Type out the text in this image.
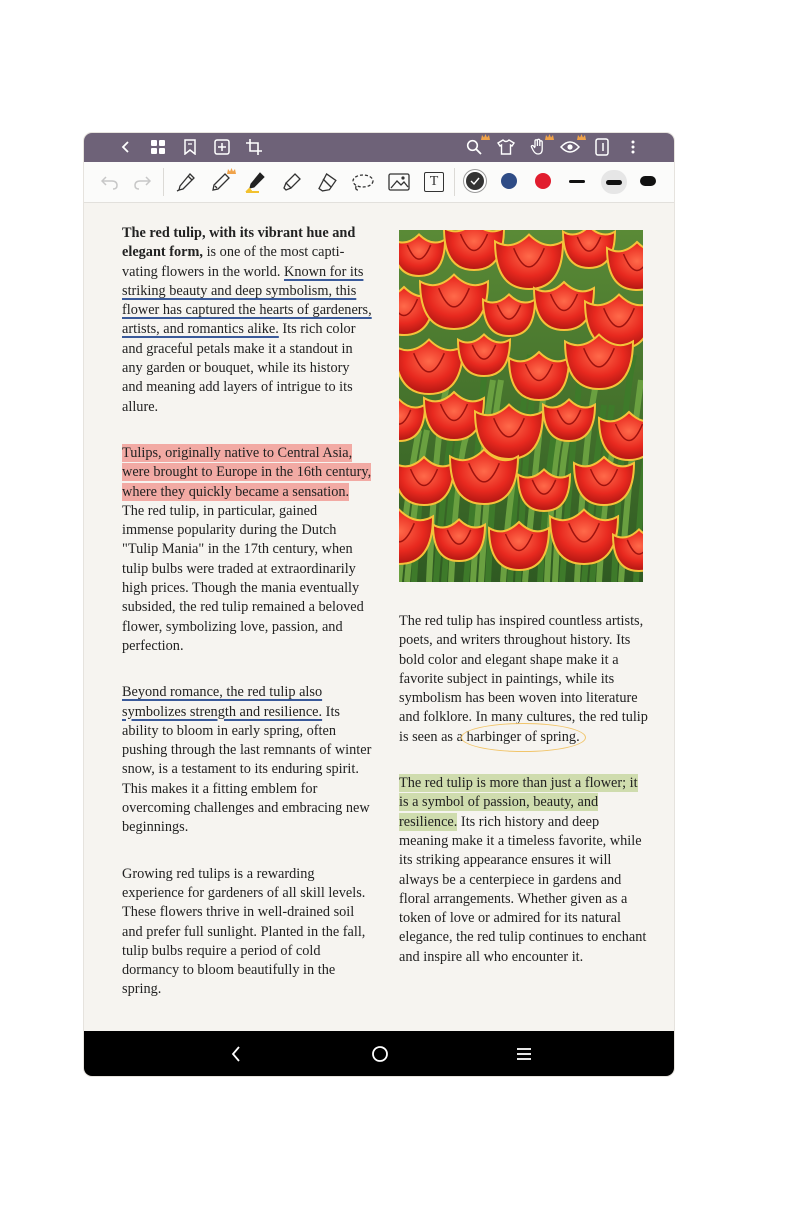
T

The red tulip, with its vibrant hue and elegant form, is one of the most captivating flowers in the world. Known for its striking beauty and deep symbolism, this flower has captured the hearts of gardeners, artists, and romantics alike. Its rich color and graceful petals make it a standout in any garden or bouquet, while its history and meaning add layers of intrigue to its allure.

Tulips, originally native to Central Asia, were brought to Europe in the 16th century, where they quickly became a sensation. The red tulip, in particular, gained immense popularity during the Dutch "Tulip Mania" in the 17th century, when tulip bulbs were traded at extraordinarily high prices. Though the mania eventually subsided, the red tulip remained a beloved flower, symbolizing love, passion, and perfection.

Beyond romance, the red tulip also symbolizes strength and resilience. Its ability to bloom in early spring, often pushing through the last remnants of winter snow, is a testament to its enduring spirit. This makes it a fitting emblem for overcoming challenges and embracing new beginnings.

Growing red tulips is a rewarding experience for gardeners of all skill levels. These flowers thrive in well-drained soil and prefer full sunlight. Planted in the fall, tulip bulbs require a period of cold dormancy to bloom beautifully in the spring.

The red tulip has inspired countless artists, poets, and writers throughout history. Its bold color and elegant shape make it a favorite subject in paintings, while its symbolism has been woven into literature and folklore. In many cultures, the red tulip is seen as a harbinger of spring.

The red tulip is more than just a flower; it is a symbol of passion, beauty, and resilience. Its rich history and deep meaning make it a timeless favorite, while its striking appearance ensures it will always be a centerpiece in gardens and floral arrangements. Whether given as a token of love or admired for its natural elegance, the red tulip continues to enchant and inspire all who encounter it.
